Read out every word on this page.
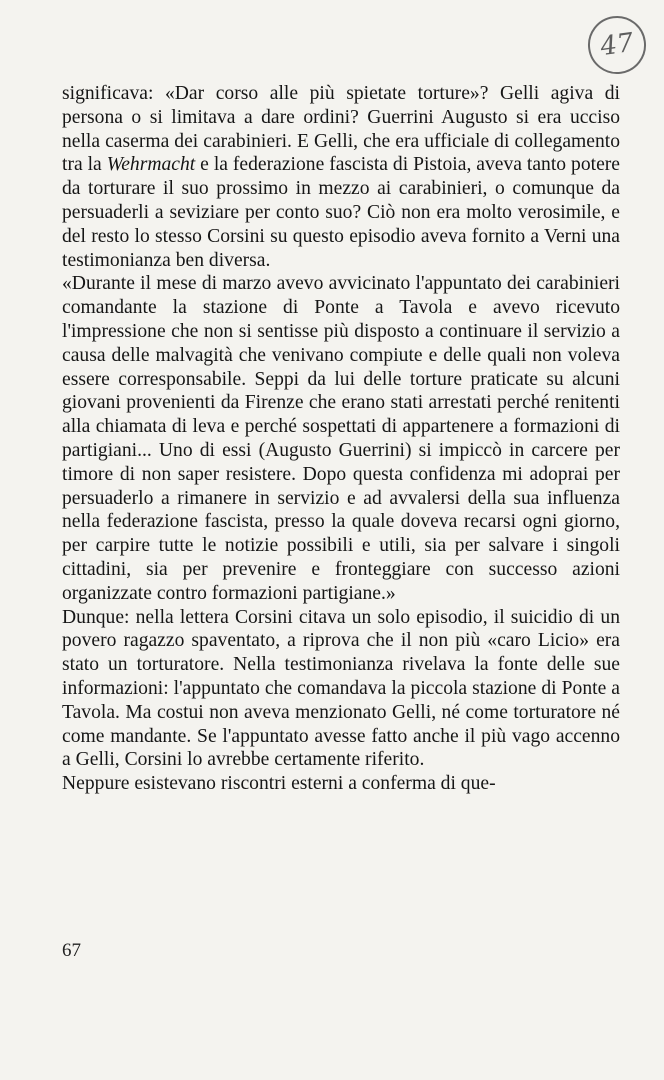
47

significava: «Dar corso alle più spietate torture»? Gelli agiva di persona o si limitava a dare ordini? Guerrini Augusto si era ucciso nella caserma dei carabinieri. E Gelli, che era ufficiale di collegamento tra la Wehrmacht e la federazione fascista di Pistoia, aveva tanto potere da torturare il suo prossimo in mezzo ai carabinieri, o comunque da persuaderli a seviziare per conto suo? Ciò non era molto verosimile, e del resto lo stesso Corsini su questo episodio aveva fornito a Verni una testimonianza ben diversa.

«Durante il mese di marzo avevo avvicinato l'appuntato dei carabinieri comandante la stazione di Ponte a Tavola e avevo ricevuto l'impressione che non si sentisse più disposto a continuare il servizio a causa delle malvagità che venivano compiute e delle quali non voleva essere corresponsabile. Seppi da lui delle torture praticate su alcuni giovani provenienti da Firenze che erano stati arrestati perché renitenti alla chiamata di leva e perché sospettati di appartenere a formazioni di partigiani... Uno di essi (Augusto Guerrini) si impiccò in carcere per timore di non saper resistere. Dopo questa confidenza mi adoprai per persuaderlo a rimanere in servizio e ad avvalersi della sua influenza nella federazione fascista, presso la quale doveva recarsi ogni giorno, per carpire tutte le notizie possibili e utili, sia per salvare i singoli cittadini, sia per prevenire e fronteggiare con successo azioni organizzate contro formazioni partigiane.»

Dunque: nella lettera Corsini citava un solo episodio, il suicidio di un povero ragazzo spaventato, a riprova che il non più «caro Licio» era stato un torturatore. Nella testimonianza rivelava la fonte delle sue informazioni: l'appuntato che comandava la piccola stazione di Ponte a Tavola. Ma costui non aveva menzionato Gelli, né come torturatore né come mandante. Se l'appuntato avesse fatto anche il più vago accenno a Gelli, Corsini lo avrebbe certamente riferito.

Neppure esistevano riscontri esterni a conferma di que-

67
